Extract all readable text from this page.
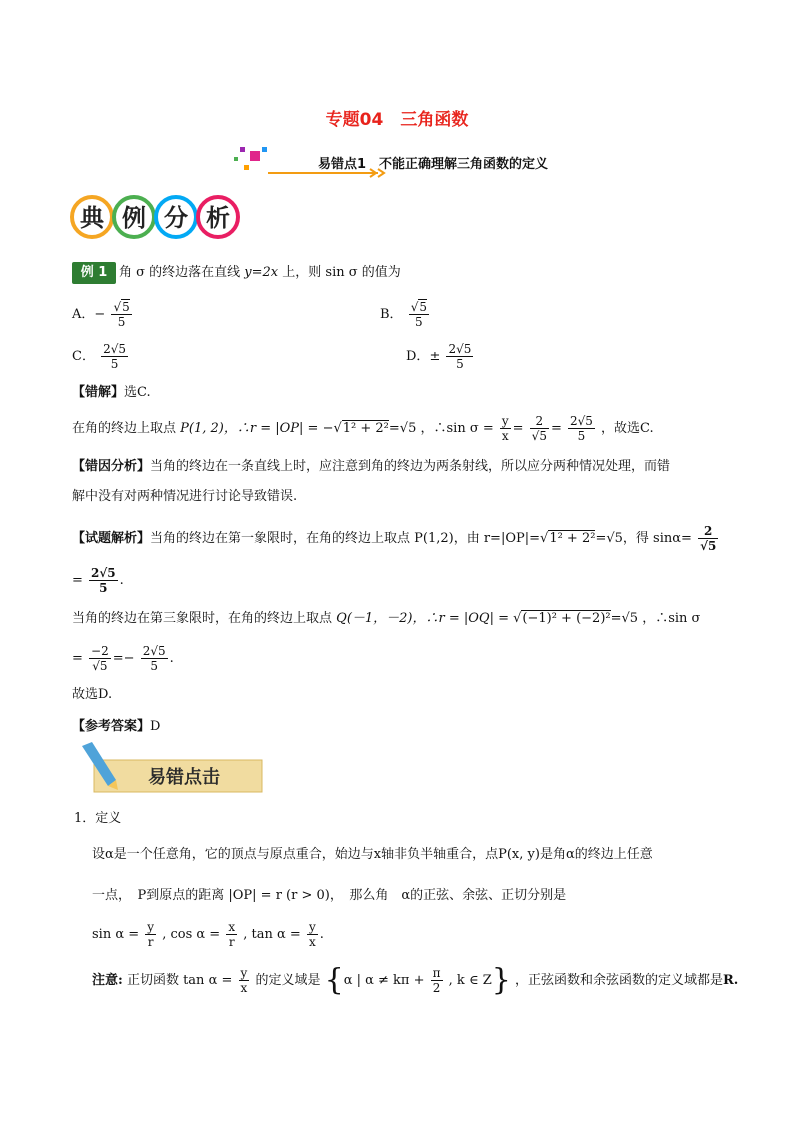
专题04　三角函数
易错点1　不能正确理解三角函数的定义
典 例 分 析
例 1 角 σ 的终边落在直线 y=2x 上，则 sin σ 的值为
A．− $\frac{√5}{5}$	B． $\frac{√5}{5}$
C． $\frac{2√5}{5}$	D．± $\frac{2√5}{5}$
【错解】选C.
在角的终边上取点 P(1, 2)，∴r = |OP| = −√1² + 2²=√5 ，∴sin $\sigma = \frac{y}{x} = \frac{2}{√5} = \frac{2√5}{5}$ ，故选C.
【错因分析】当角的终边在一条直线上时，应注意到角的终边为两条射线，所以应分两种情况处理，而错
解中没有对两种情况进行讨论导致错误.
【试题解析】当角的终边在第一象限时，在角的终边上取点 P(1,2)，由 r=|OP|=√1² + 2²=√5，得 $\sin\alpha= \frac{2}{√5}$
= $\frac{2√5}{5}$ .
当角的终边在第三象限时，在角的终边上取点 Q(－1，－2)，∴r = |OQ| = √(−1)² + (−2)²=√5 ，∴sin σ
= $\frac{-2}{√5} =- \frac{2√5}{5}$ .
故选D.
【参考答案】D
易错点击
1．定义
设α是一个任意角，它的顶点与原点重合，始边与x轴非负半轴重合，点P(x, y)是角α的终边上任意
一点，　P到原点的距离 |OP| = r (r > 0)，　那么角　α的正弦、余弦、正切分别是
$\sin \alpha = \frac{y}{r}$ , $\cos \alpha = \frac{x}{r}$ , $\tan \alpha = \frac{y}{x}$ .
注意: 正切函数 $\tan \alpha = \frac{y}{x}$ 的定义域是 {α | $\alpha \ne k\pi + \frac{\pi}{2}$ , k ∈ Z} ，正弦函数和余弦函数的定义域都是R.
